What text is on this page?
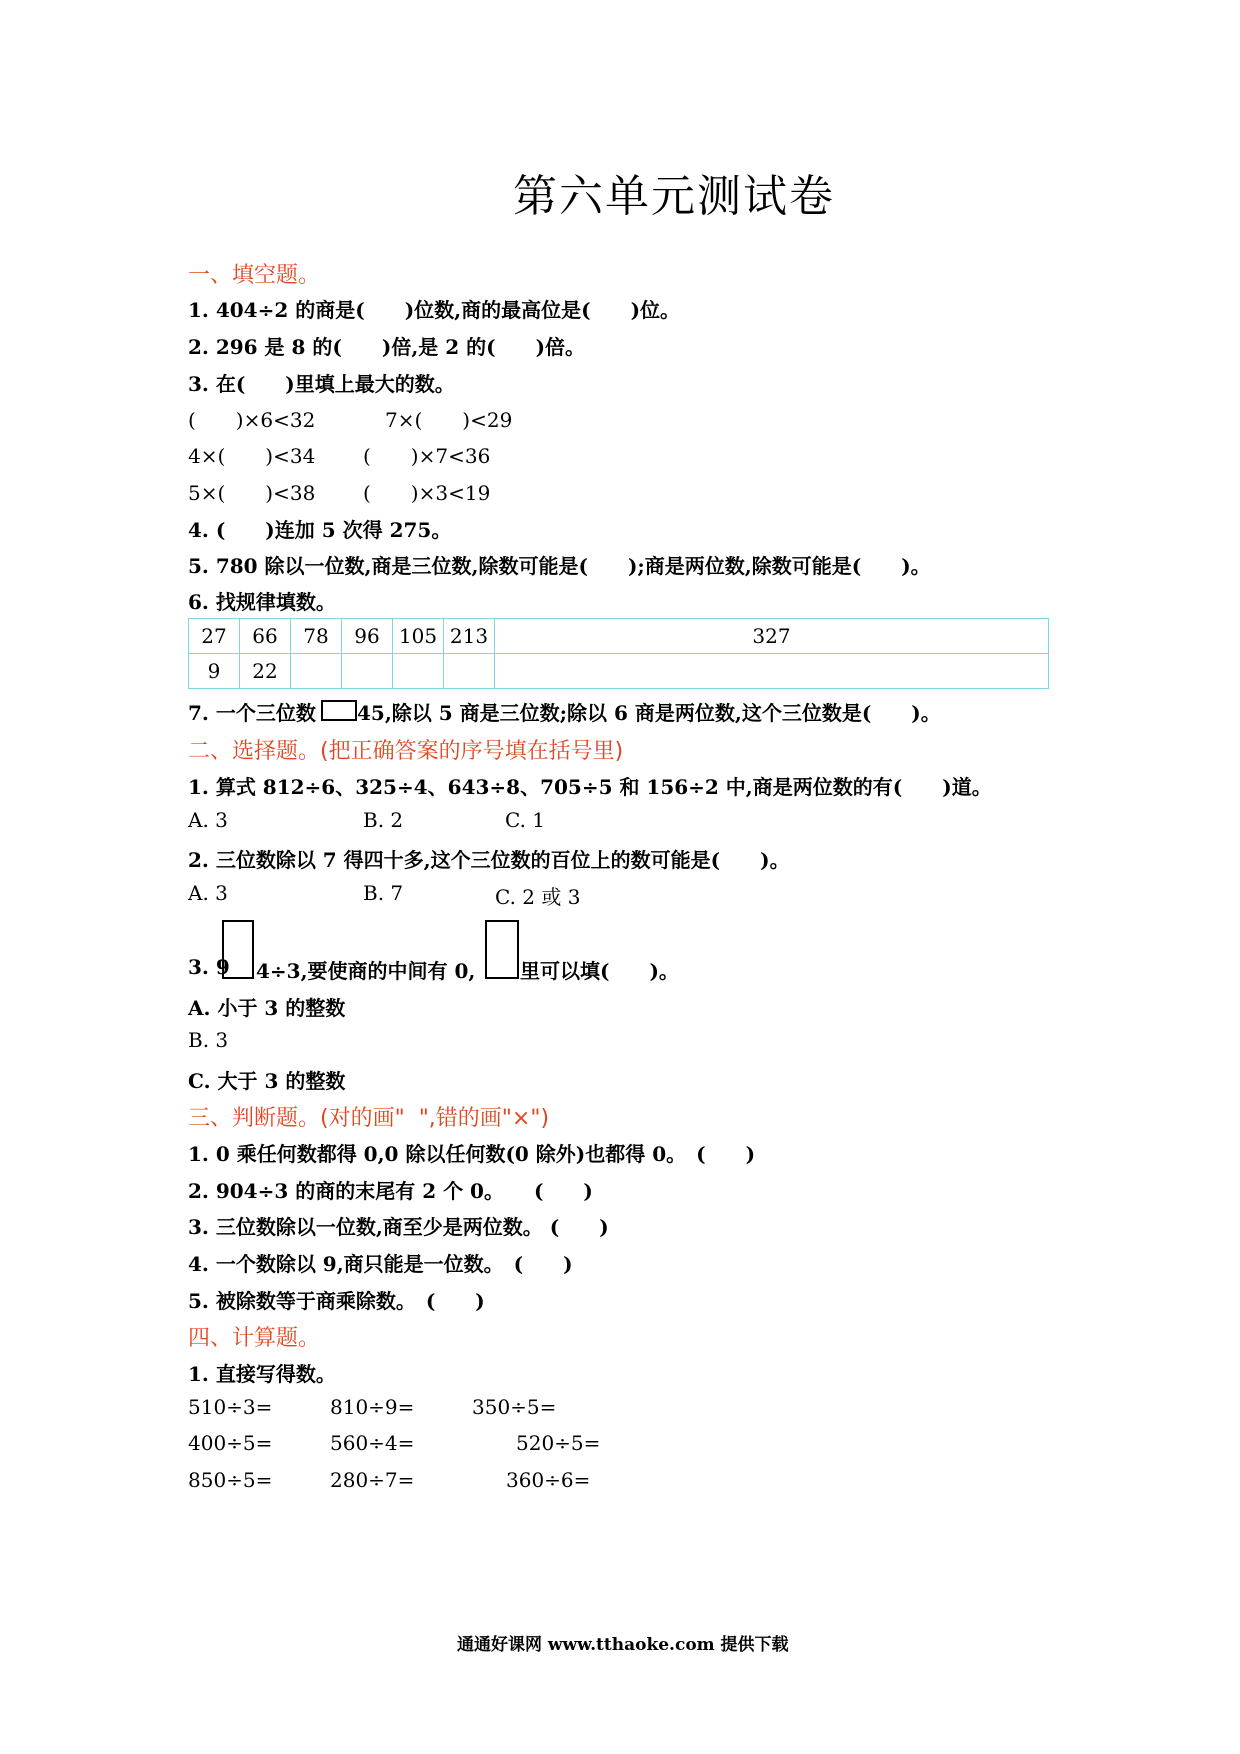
第六单元测试卷
一、填空题。
1. 404÷2 的商是(　　)位数,商的最高位是(　　)位。
2. 296 是 8 的(　　)倍,是 2 的(　　)倍。
3. 在(　　)里填上最大的数。
(　　)×6<32	7×(　　)<29
4×(　　)<34 (　　)×7<36
5×(　　)<38 (　　)×3<19
4. (　　)连加 5 次得 275。
5. 780 除以一位数,商是三位数,除数可能是(　　);商是两位数,除数可能是(　　)。
6. 找规律填数。
27	66	78	96	105	213	327
9	22					
7. 一个三位数 45,除以 5 商是三位数;除以 6 商是两位数,这个三位数是(　　)。
二、选择题。(把正确答案的序号填在括号里)
1. 算式 812÷6、325÷4、643÷8、705÷5 和 156÷2 中,商是两位数的有(　　)道。
A. 3	B. 2	C. 1
2. 三位数除以 7 得四十多,这个三位数的百位上的数可能是(　　)。
A. 3	B. 7	C. 2 或 3
3. 9 4÷3,要使商的中间有 0, 里可以填(　　)。
A. 小于 3 的整数
B. 3
C. 大于 3 的整数
三、判断题。(对的画"  ",错的画"×")
1. 0 乘任何数都得 0,0 除以任何数(0 除外)也都得 0。　(　　)
2. 904÷3 的商的末尾有 2 个 0。　　(　　)
3. 三位数除以一位数,商至少是两位数。 (　　)
4. 一个数除以 9,商只能是一位数。　(　　)
5. 被除数等于商乘除数。　(　　)
四、计算题。
1. 直接写得数。
510÷3=	810÷9=	350÷5=
400÷5=	560÷4=	520÷5=
850÷5=	280÷7=	360÷6=
通通好课网 www.tthaoke.com 提供下载
